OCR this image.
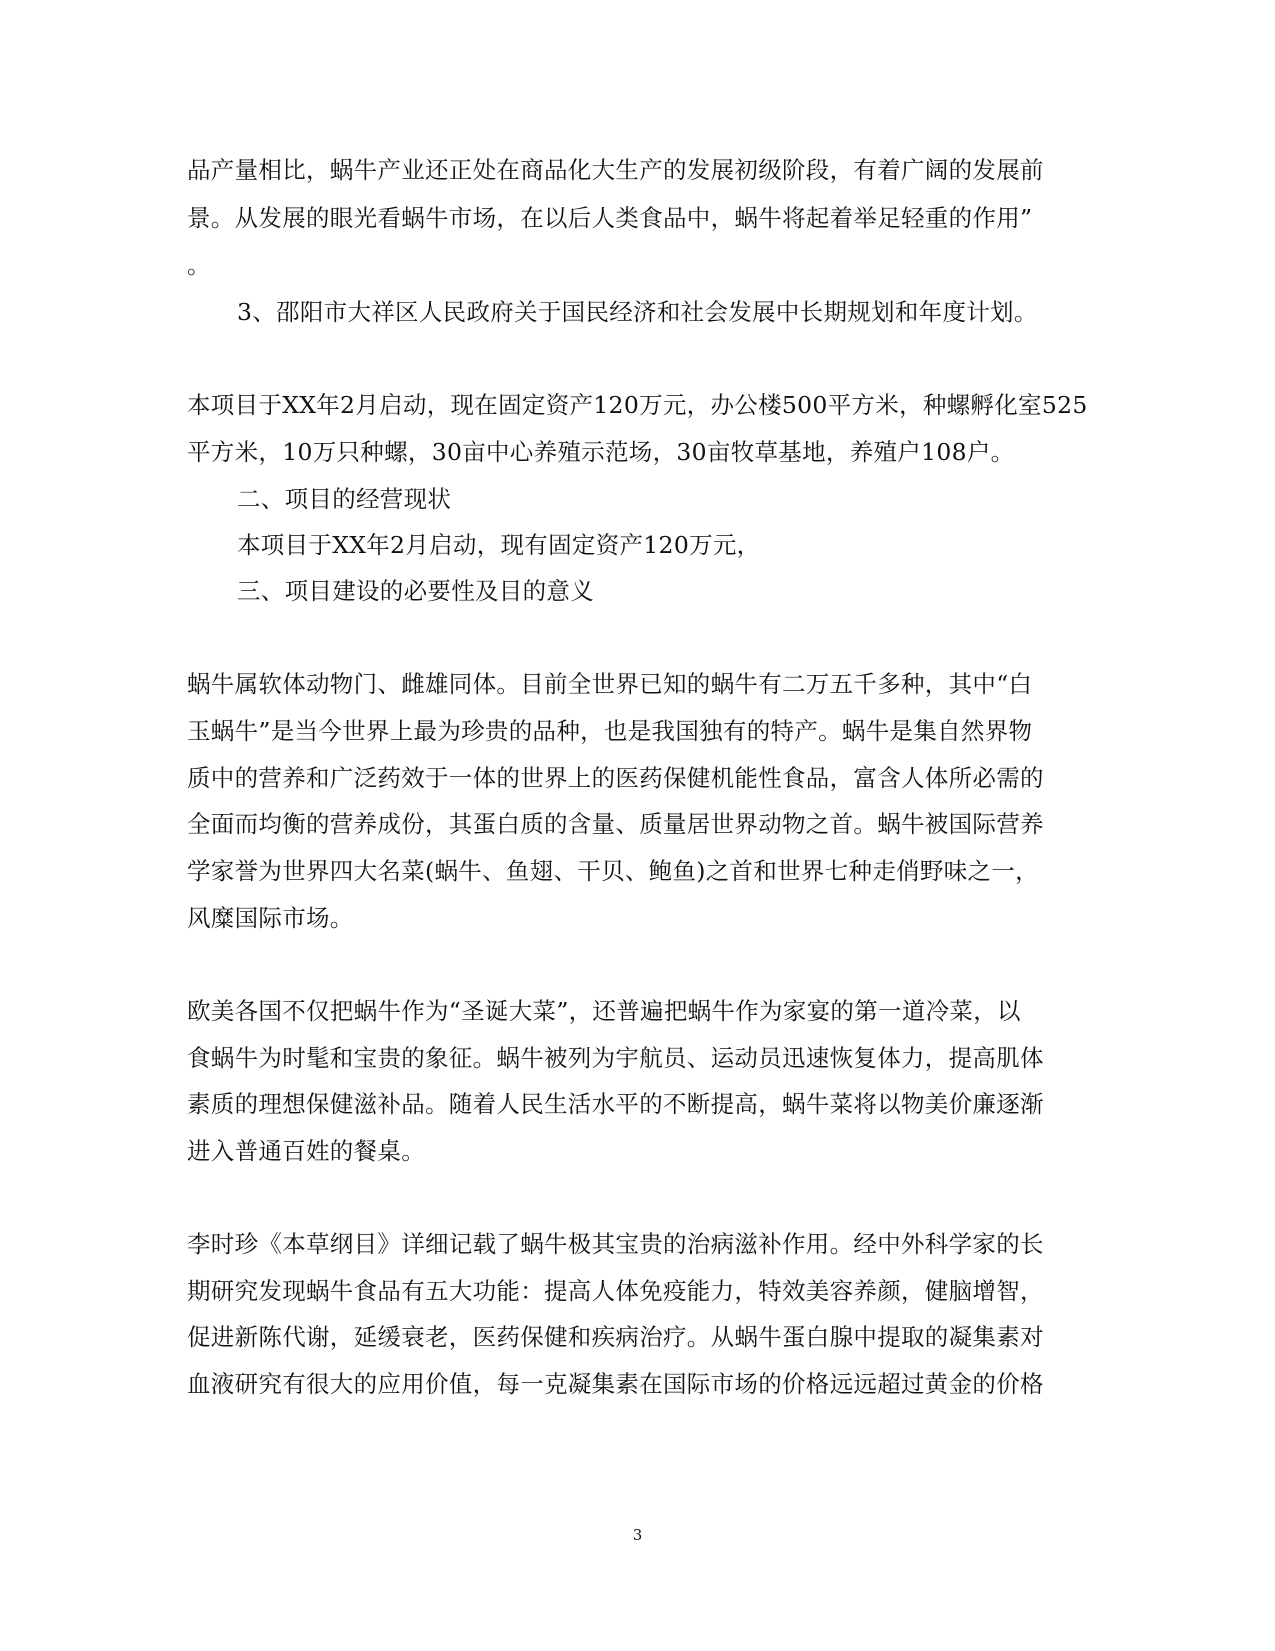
品产量相比，蜗牛产业还正处在商品化大生产的发展初级阶段，有着广阔的发展前
景。从发展的眼光看蜗牛市场，在以后人类食品中，蜗牛将起着举足轻重的作用”
。
3、邵阳市大祥区人民政府关于国民经济和社会发展中长期规划和年度计划。
本项目于XX年2月启动，现在固定资产120万元，办公楼500平方米，种螺孵化室525
平方米，10万只种螺，30亩中心养殖示范场，30亩牧草基地，养殖户108户。
二、项目的经营现状
本项目于XX年2月启动，现有固定资产120万元，
三、项目建设的必要性及目的意义
蜗牛属软体动物门、雌雄同体。目前全世界已知的蜗牛有二万五千多种，其中“白
玉蜗牛”是当今世界上最为珍贵的品种，也是我国独有的特产。蜗牛是集自然界物
质中的营养和广泛药效于一体的世界上的医药保健机能性食品，富含人体所必需的
全面而均衡的营养成份，其蛋白质的含量、质量居世界动物之首。蜗牛被国际营养
学家誉为世界四大名菜(蜗牛、鱼翅、干贝、鲍鱼)之首和世界七种走俏野味之一，
风糜国际市场。
欧美各国不仅把蜗牛作为“圣诞大菜”，还普遍把蜗牛作为家宴的第一道冷菜，以
食蜗牛为时髦和宝贵的象征。蜗牛被列为宇航员、运动员迅速恢复体力，提高肌体
素质的理想保健滋补品。随着人民生活水平的不断提高，蜗牛菜将以物美价廉逐渐
进入普通百姓的餐桌。
李时珍《本草纲目》详细记载了蜗牛极其宝贵的治病滋补作用。经中外科学家的长
期研究发现蜗牛食品有五大功能：提高人体免疫能力，特效美容养颜，健脑增智，
促进新陈代谢，延缓衰老，医药保健和疾病治疗。从蜗牛蛋白腺中提取的凝集素对
血液研究有很大的应用价值，每一克凝集素在国际市场的价格远远超过黄金的价格
3
